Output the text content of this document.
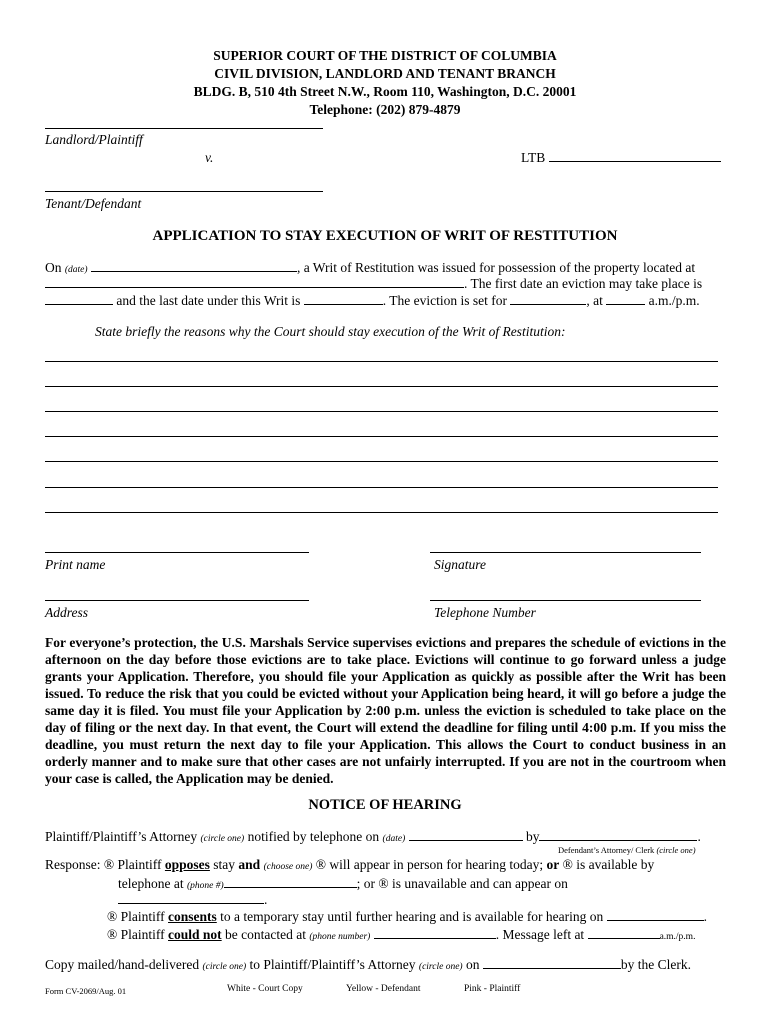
SUPERIOR COURT OF THE DISTRICT OF COLUMBIA
CIVIL DIVISION, LANDLORD AND TENANT BRANCH
BLDG. B, 510 4th Street N.W., Room 110, Washington, D.C. 20001
Telephone: (202) 879-4879
Landlord/Plaintiff
v.	LTB
Tenant/Defendant
APPLICATION TO STAY EXECUTION OF WRIT OF RESTITUTION
On (date)	, a Writ of Restitution was issued for possession of the property located at
. The first date an eviction may take place is
and the last date under this Writ is	. The eviction is set for	, at	a.m./p.m.
State briefly the reasons why the Court should stay execution of the Writ of Restitution:
Print name	Signature
Address	Telephone Number
For everyone’s protection, the U.S. Marshals Service supervises evictions and prepares the schedule of evictions in the afternoon on the day before those evictions are to take place. Evictions will continue to go forward unless a judge grants your Application. Therefore, you should file your Application as quickly as possible after the Writ has been issued. To reduce the risk that you could be evicted without your Application being heard, it will go before a judge the same day it is filed. You must file your Application by 2:00 p.m. unless the eviction is scheduled to take place on the day of filing or the next day. In that event, the Court will extend the deadline for filing until 4:00 p.m. If you miss the deadline, you must return the next day to file your Application. This allows the Court to conduct business in an orderly manner and to make sure that other cases are not unfairly interrupted. If you are not in the courtroom when your case is called, the Application may be denied.
NOTICE OF HEARING
Plaintiff/Plaintiff’s Attorney (circle one) notified by telephone on (date)	by	.
Defendant’s Attorney/ Clerk (circle one)
Response: ® Plaintiff opposes stay and (choose one) ® will appear in person for hearing today; or ® is available by
telephone at (phone #)	; or ® is unavailable and can appear on
.
® Plaintiff consents to a temporary stay until further hearing and is available for hearing on	.
® Plaintiff could not be contacted at (phone number)	. Message left at	a.m./p.m.
Copy mailed/hand-delivered (circle one) to Plaintiff/Plaintiff’s Attorney (circle one) on	by the Clerk.
Form CV-2069/Aug. 01	White - Court Copy	Yellow - Defendant	Pink - Plaintiff
